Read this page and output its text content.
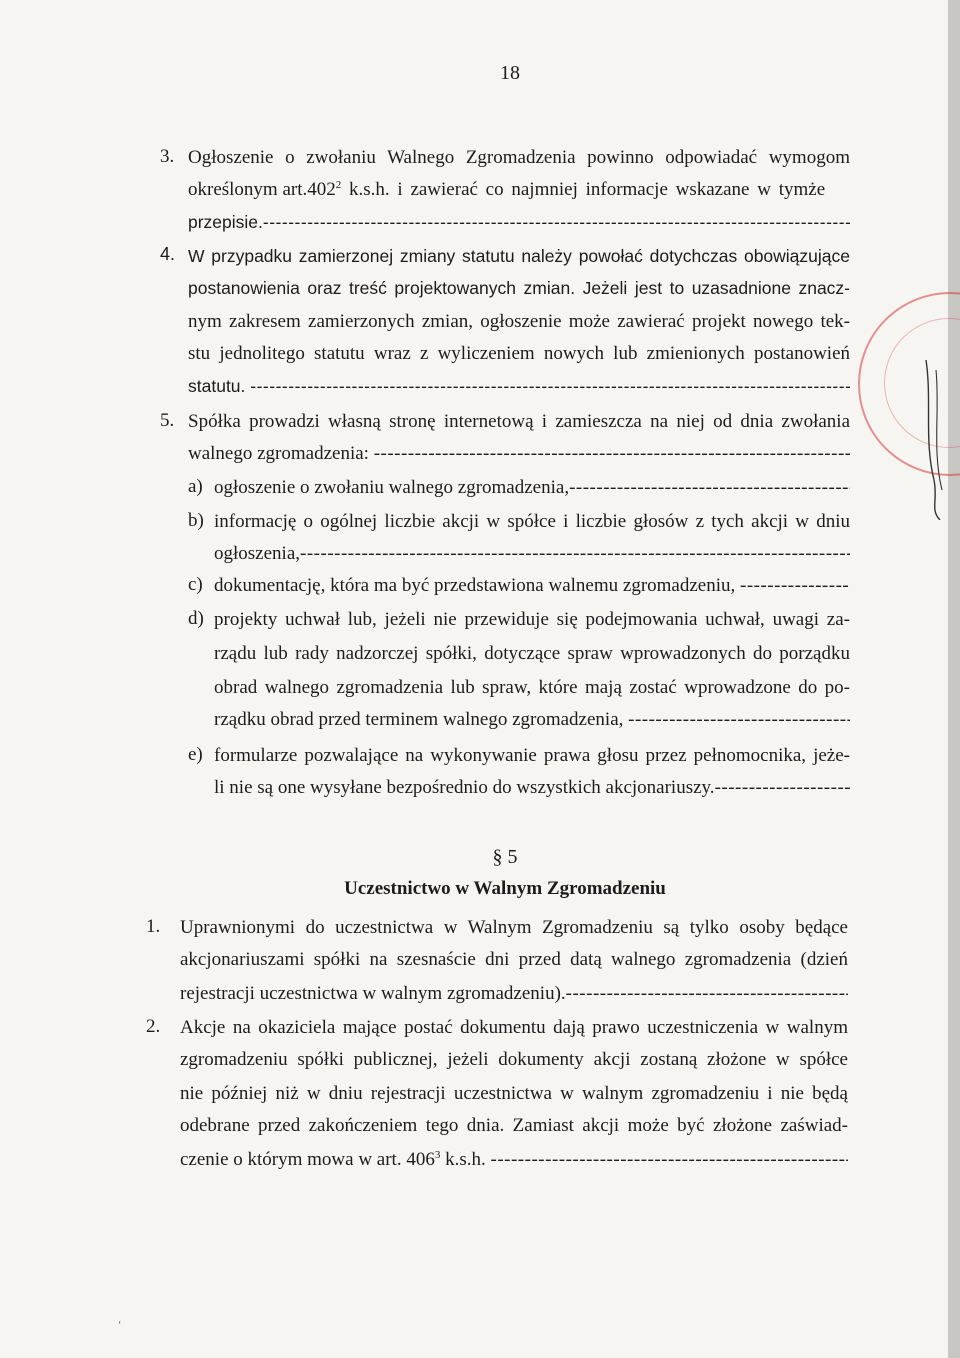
18
3. Ogłoszenie o zwołaniu Walnego Zgromadzenia powinno odpowiadać wymogom
określonym art.402$^2$ k.s.h. i zawierać co najmniej informacje wskazane w tymże
przepisie. -----
4. W przypadku zamierzonej zmiany statutu należy powołać dotychczas obowiązujące
postanowienia oraz treść projektowanych zmian. Jeżeli jest to uzasadnione znacz-
nym zakresem zamierzonych zmian, ogłoszenie może zawierać projekt nowego tek-
stu jednolitego statutu wraz z wyliczeniem nowych lub zmienionych postanowień
statutu. -----
5. Spółka prowadzi własną stronę internetową i zamieszcza na niej od dnia zwołania
walnego zgromadzenia: -----
a) ogłoszenie o zwołaniu walnego zgromadzenia, -----
b) informację o ogólnej liczbie akcji w spółce i liczbie głosów z tych akcji w dniu
ogłoszenia, -----
c) dokumentację, która ma być przedstawiona walnemu zgromadzeniu, -----
d) projekty uchwał lub, jeżeli nie przewiduje się podejmowania uchwał, uwagi za-
rządu lub rady nadzorczej spółki, dotyczące spraw wprowadzonych do porządku
obrad walnego zgromadzenia lub spraw, które mają zostać wprowadzone do po-
rządku obrad przed terminem walnego zgromadzenia, -----
e) formularze pozwalające na wykonywanie prawa głosu przez pełnomocnika, jeże-
li nie są one wysyłane bezpośrednio do wszystkich akcjonariuszy. -----
§ 5
Uczestnictwo w Walnym Zgromadzeniu
1. Uprawnionymi do uczestnictwa w Walnym Zgromadzeniu są tylko osoby będące
akcjonariuszami spółki na szesnaście dni przed datą walnego zgromadzenia (dzień
rejestracji uczestnictwa w walnym zgromadzeniu). -----
2. Akcje na okaziciela mające postać dokumentu dają prawo uczestniczenia w walnym
zgromadzeniu spółki publicznej, jeżeli dokumenty akcji zostaną złożone w spółce
nie później niż w dniu rejestracji uczestnictwa w walnym zgromadzeniu i nie będą
odebrane przed zakończeniem tego dnia. Zamiast akcji może być złożone zaświad-
czenie o którym mowa w art. $406^3$ k.s.h. -----
‘
